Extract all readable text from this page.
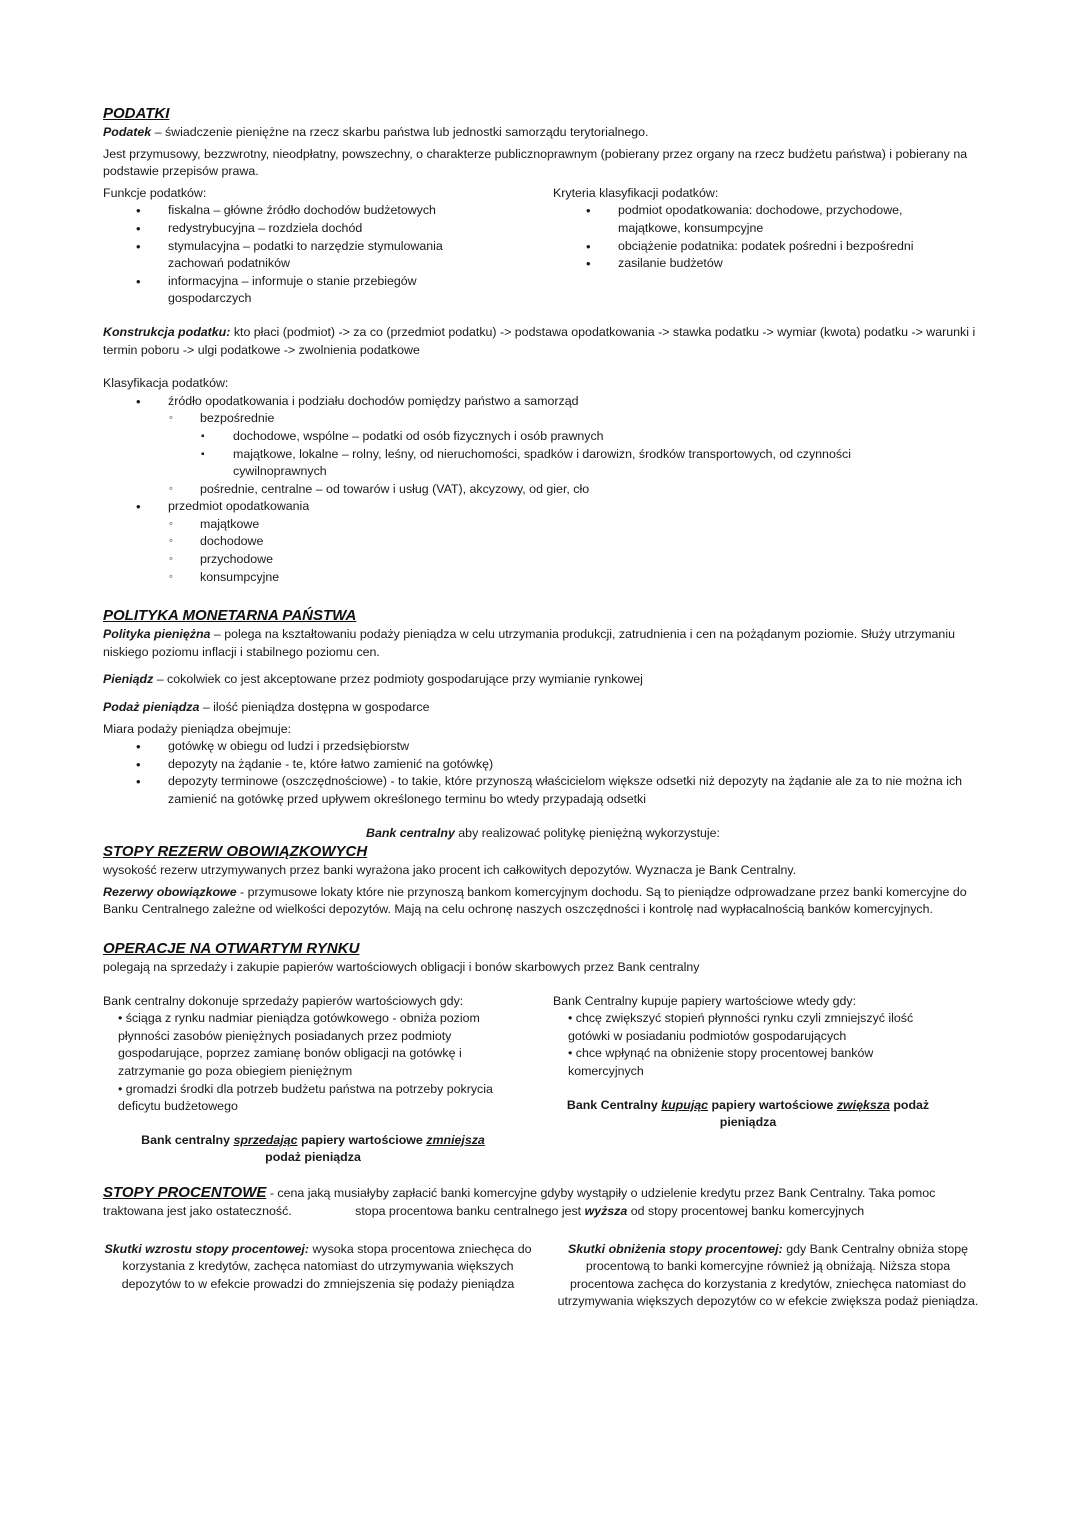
PODATKI

Podatek – świadczenie pieniężne na rzecz skarbu państwa lub jednostki samorządu terytorialnego.

Jest przymusowy, bezzwrotny, nieodpłatny, powszechny, o charakterze publicznoprawnym (pobierany przez organy na rzecz budżetu państwa) i pobierany na podstawie przepisów prawa.

Funkcje podatków:

• fiskalna – główne źródło dochodów budżetowych
• redystrybucyjna – rozdziela dochód
• stymulacyjna – podatki to narzędzie stymulowania zachowań podatników
• informacyjna – informuje o stanie przebiegów gospodarczych

Kryteria klasyfikacji podatków:

• podmiot opodatkowania: dochodowe, przychodowe, majątkowe, konsumpcyjne
• obciążenie podatnika: podatek pośredni i bezpośredni
• zasilanie budżetów

Konstrukcja podatku: kto płaci (podmiot) -> za co (przedmiot podatku) -> podstawa opodatkowania -> stawka podatku -> wymiar (kwota) podatku -> warunki i termin poboru -> ulgi podatkowe -> zwolnienia podatkowe

Klasyfikacja podatków:

• źródło opodatkowania i podziału dochodów pomiędzy państwo a samorząd
◦ bezpośrednie
▪ dochodowe, wspólne – podatki od osób fizycznych i osób prawnych
▪ majątkowe, lokalne – rolny, leśny, od nieruchomości, spadków i darowizn, środków transportowych, od czynności cywilnoprawnych
◦ pośrednie, centralne – od towarów i usług (VAT), akcyzowy, od gier, cło
• przedmiot opodatkowania
◦ majątkowe
◦ dochodowe
◦ przychodowe
◦ konsumpcyjne
POLITYKA MONETARNA PAŃSTWA

Polityka pieniężna – polega na kształtowaniu podaży pieniądza w celu utrzymania produkcji, zatrudnienia i cen na pożądanym poziomie. Służy utrzymaniu niskiego poziomu inflacji i stabilnego poziomu cen.

Pieniądz – cokolwiek co jest akceptowane przez podmioty gospodarujące przy wymianie rynkowej

Podaż pieniądza – ilość pieniądza dostępna w gospodarce

Miara podaży pieniądza obejmuje:

• gotówkę w obiegu od ludzi i przedsiębiorstw
• depozyty na żądanie - te, które łatwo zamienić na gotówkę)
• depozyty terminowe (oszczędnościowe) - to takie, które przynoszą właścicielom większe odsetki niż depozyty na żądanie ale za to nie można ich zamienić na gotówkę przed upływem określonego terminu bo wtedy przypadają odsetki

Bank centralny aby realizować politykę pieniężną wykorzystuje:

STOPY REZERW OBOWIĄZKOWYCH

wysokość rezerw utrzymywanych przez banki wyrażona jako procent ich całkowitych depozytów. Wyznacza je Bank Centralny.

Rezerwy obowiązkowe - przymusowe lokaty które nie przynoszą bankom komercyjnym dochodu. Są to pieniądze odprowadzane przez banki komercyjne do Banku Centralnego zależne od wielkości depozytów. Mają na celu ochronę naszych oszczędności i kontrolę nad wypłacalnością banków komercyjnych.

OPERACJE NA OTWARTYM RYNKU

polegają na sprzedaży i zakupie papierów wartościowych obligacji i bonów skarbowych przez Bank centralny

Bank centralny dokonuje sprzedaży papierów wartościowych gdy:

• ściąga z rynku nadmiar pieniądza gotówkowego - obniża poziom płynności zasobów pieniężnych posiadanych przez podmioty gospodarujące, poprzez zamianę bonów obligacji na gotówkę i zatrzymanie go poza obiegiem pieniężnym

• gromadzi środki dla potrzeb budżetu państwa na potrzeby pokrycia deficytu budżetowego

Bank centralny sprzedając papiery wartościowe zmniejsza podaż pieniądza

Bank Centralny kupuje papiery wartościowe wtedy gdy:

• chcę zwiększyć stopień płynności rynku czyli zmniejszyć ilość gotówki w posiadaniu podmiotów gospodarujących

• chce wpłynąć na obniżenie stopy procentowej banków komercyjnych

Bank Centralny kupując papiery wartościowe zwiększa podaż pieniądza

STOPY PROCENTOWE - cena jaką musiałyby zapłacić banki komercyjne gdyby wystąpiły o udzielenie kredytu przez Bank Centralny. Taka pomoc traktowana jest jako ostateczność.	stopa procentowa banku centralnego jest wyższa od stopy procentowej banku komercyjnych

Skutki wzrostu stopy procentowej: wysoka stopa procentowa zniechęca do korzystania z kredytów, zachęca natomiast do utrzymywania większych depozytów to w efekcie prowadzi do zmniejszenia się podaży pieniądza

Skutki obniżenia stopy procentowej: gdy Bank Centralny obniża stopę procentową to banki komercyjne również ją obniżają. Niższa stopa procentowa zachęca do korzystania z kredytów, zniechęca natomiast do utrzymywania większych depozytów co w efekcie zwiększa podaż pieniądza.
